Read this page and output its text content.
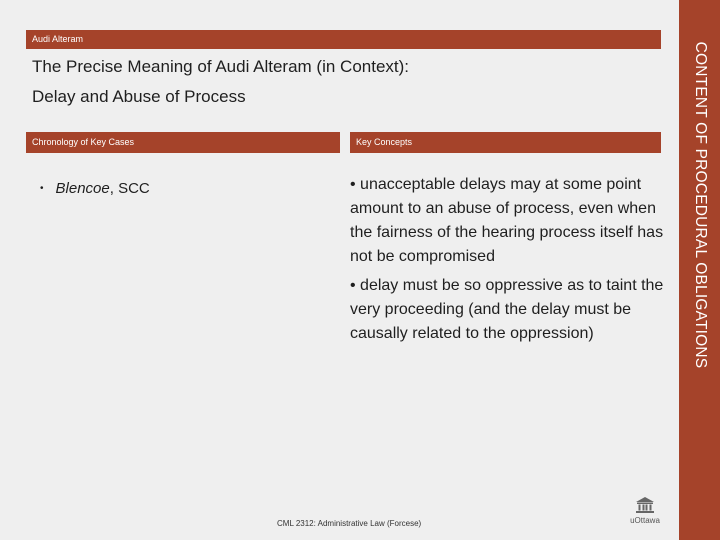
Audi Alteram
The Precise Meaning of Audi Alteram (in Context):
Delay and Abuse of Process
Chronology of Key Cases	Key Concepts
• Blencoe, SCC	• unacceptable delays may at some point amount to an abuse of process, even when the fairness of the hearing process itself has not be compromised
• delay must be so oppressive as to taint the very proceeding (and the delay must be causally related to the oppression)
CML 2312: Administrative Law (Forcese)	uOttawa
CONTENT OF PROCEDURAL OBLIGATIONS
